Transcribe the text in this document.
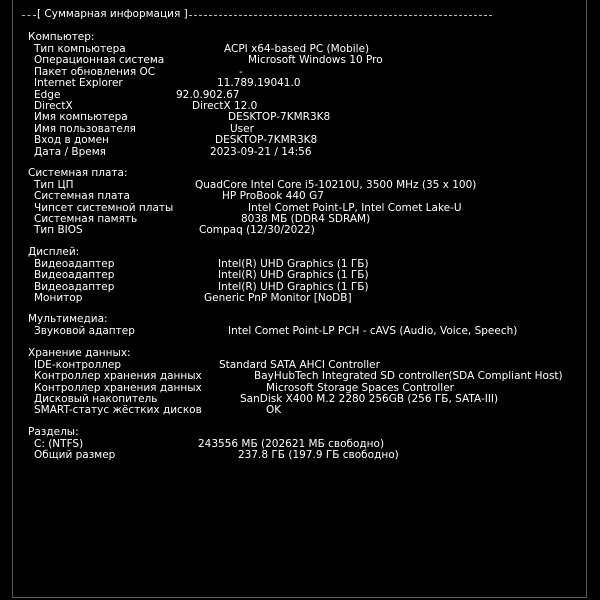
[ Суммарная информация ]
Компьютер:
Тип компьютера	ACPI x64-based PC (Mobile)
Операционная система	Microsoft Windows 10 Pro
Пакет обновления ОС	-
Internet Explorer	11.789.19041.0
Edge	92.0.902.67
DirectX	DirectX 12.0
Имя компьютера	DESKTOP-7KMR3K8
Имя пользователя	User
Вход в домен	DESKTOP-7KMR3K8
Дата / Время	2023-09-21 / 14:56
Системная плата:
Тип ЦП	QuadCore Intel Core i5-10210U, 3500 MHz (35 x 100)
Системная плата	HP ProBook 440 G7
Чипсет системной платы	Intel Comet Point-LP, Intel Comet Lake-U
Системная память	8038 МБ (DDR4 SDRAM)
Тип BIOS	Compaq (12/30/2022)
Дисплей:
Видеоадаптер	Intel(R) UHD Graphics (1 ГБ)
Видеоадаптер	Intel(R) UHD Graphics (1 ГБ)
Видеоадаптер	Intel(R) UHD Graphics (1 ГБ)
Монитор	Generic PnP Monitor [NoDB]
Мультимедиа:
Звуковой адаптер	Intel Comet Point-LP PCH - cAVS (Audio, Voice, Speech)
Хранение данных:
IDE-контроллер	Standard SATA AHCI Controller
Контроллер хранения данных	BayHubTech Integrated SD controller(SDA Compliant Host)
Контроллер хранения данных	Microsoft Storage Spaces Controller
Дисковый накопитель	SanDisk X400 M.2 2280 256GB (256 ГБ, SATA-III)
SMART-статус жёстких дисков	OK
Разделы:
C: (NTFS)	243556 МБ (202621 МБ свободно)
Общий размер	237.8 ГБ (197.9 ГБ свободно)
